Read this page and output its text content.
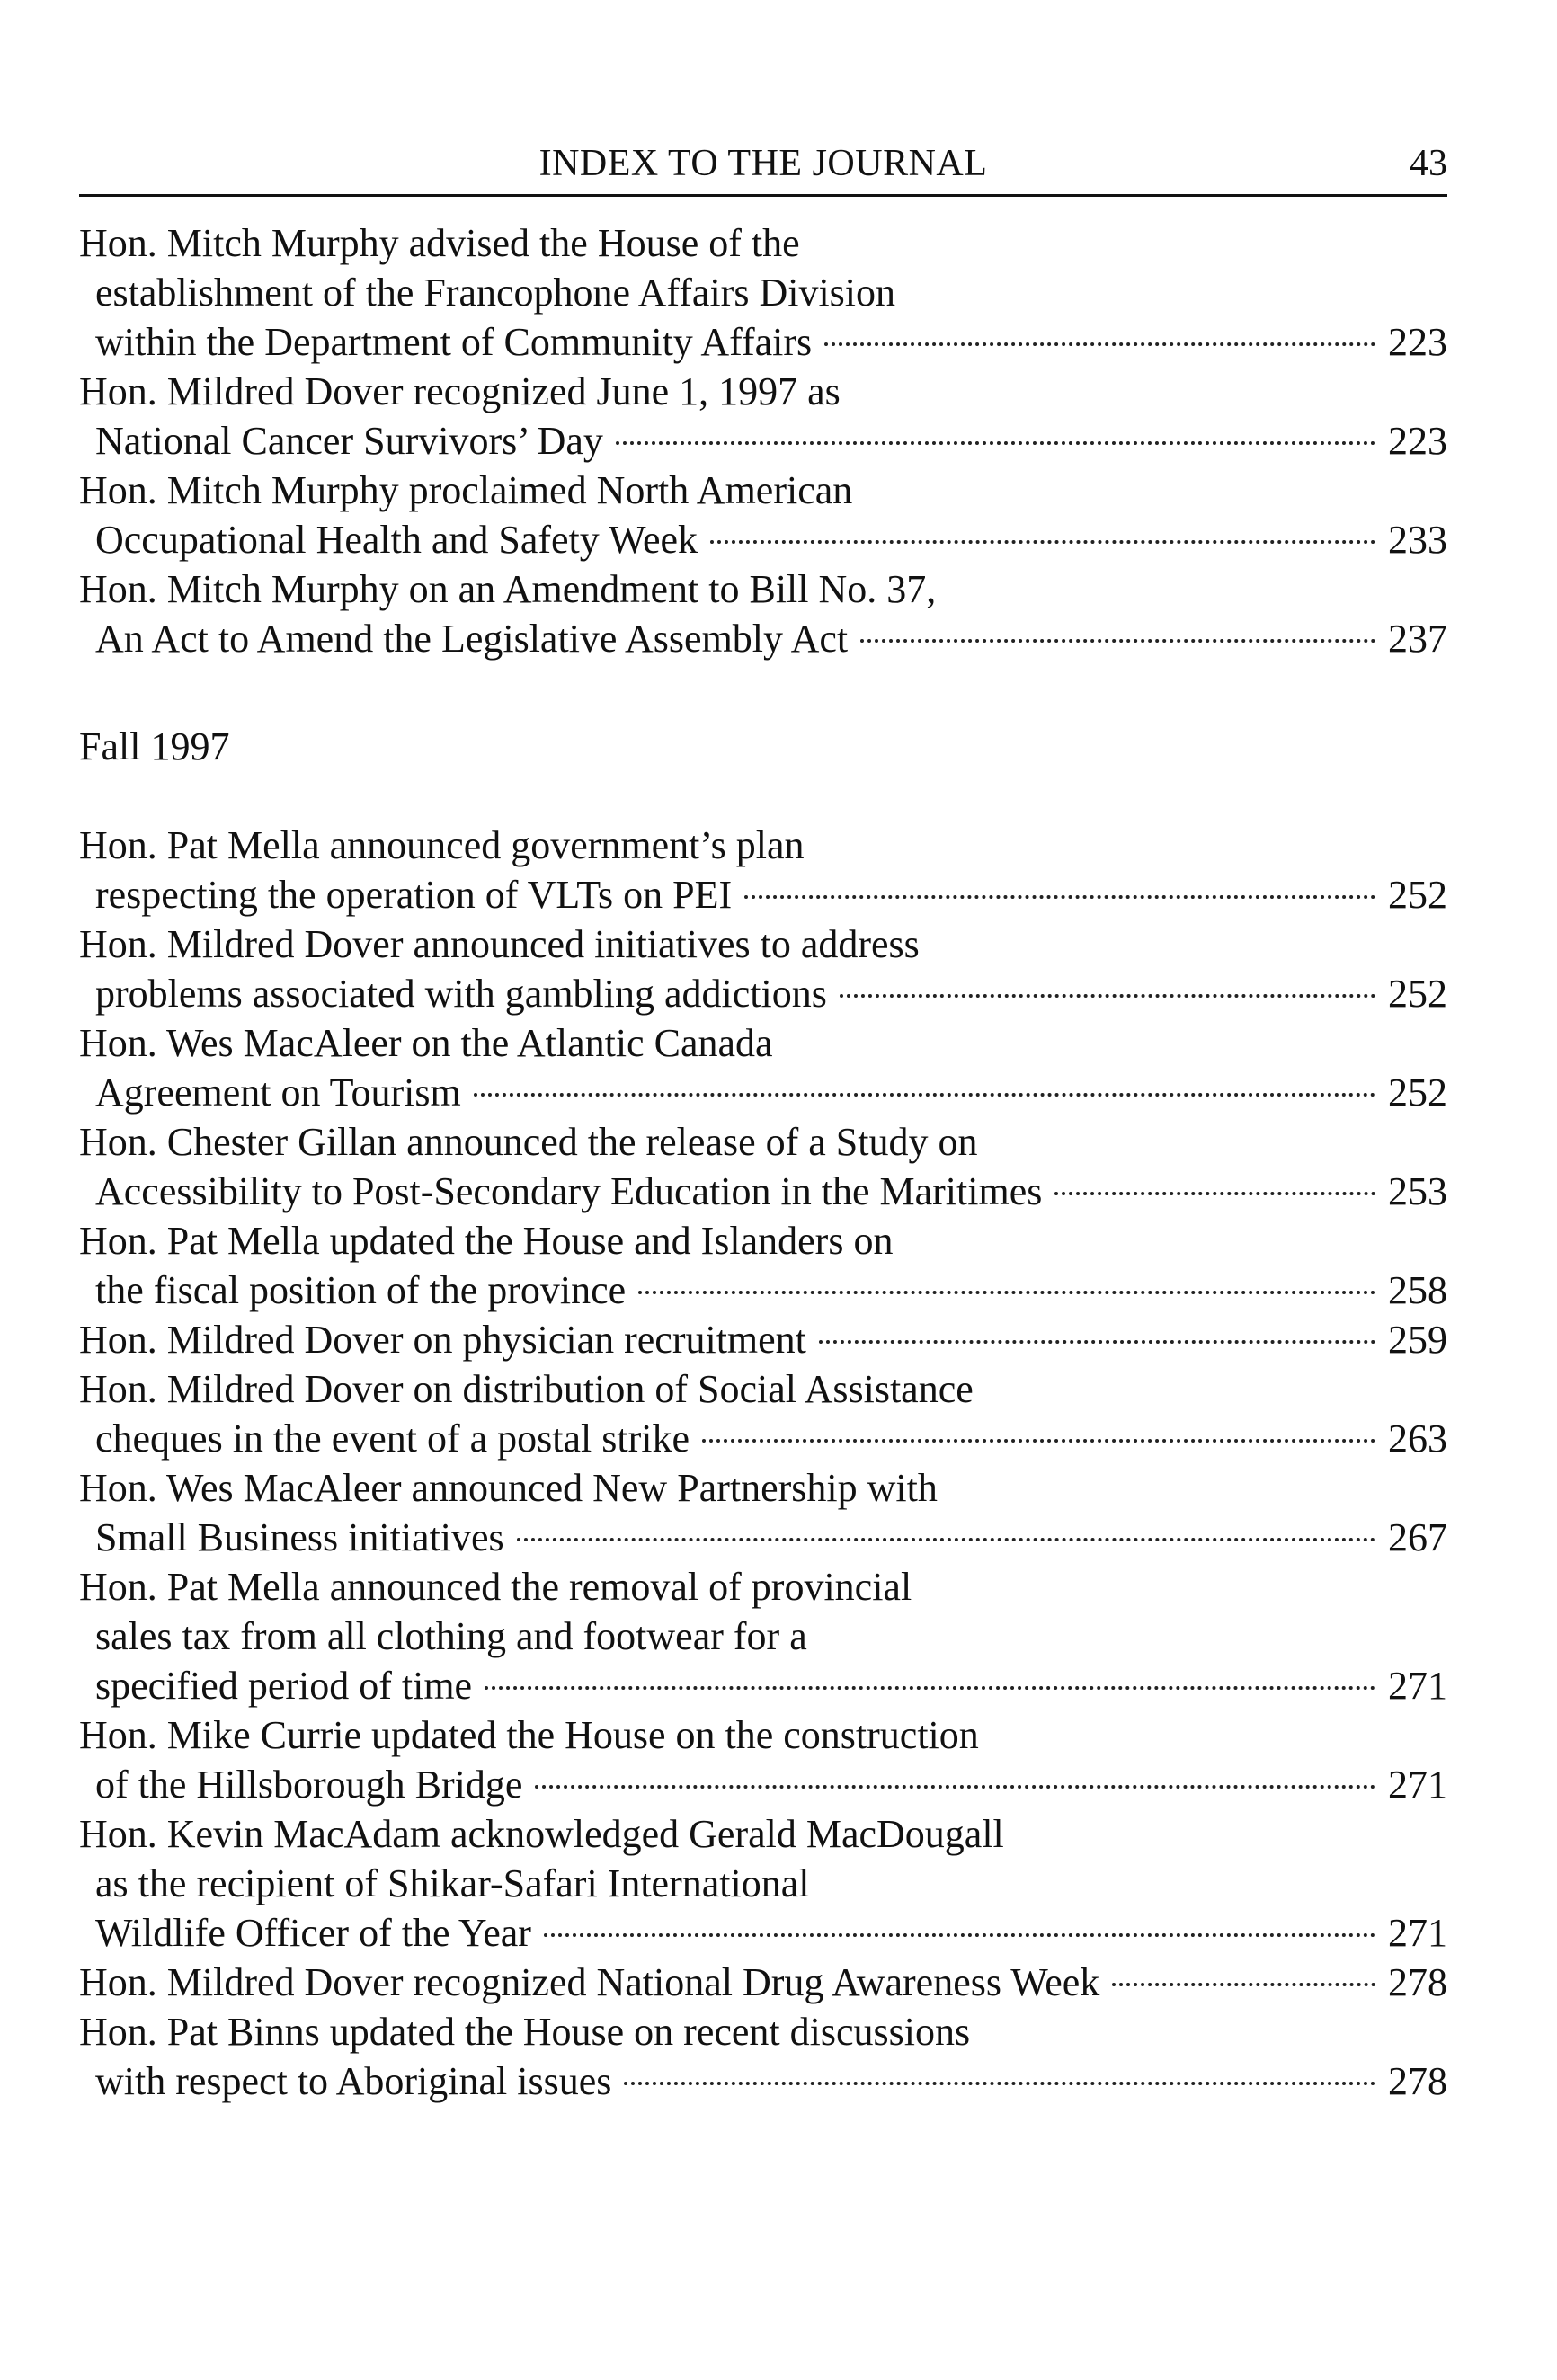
INDEX TO THE JOURNAL	43
Hon. Mitch Murphy advised the House of the
establishment of the Francophone Affairs Division
within the Department of Community Affairs	223
Hon. Mildred Dover recognized June 1, 1997 as
National Cancer Survivors’ Day	223
Hon. Mitch Murphy proclaimed North American
Occupational Health and Safety Week	233
Hon. Mitch Murphy on an Amendment to Bill No. 37,
An Act to Amend the Legislative Assembly Act	237
Fall 1997
Hon. Pat Mella announced government’s plan
respecting the operation of VLTs on PEI	252
Hon. Mildred Dover announced initiatives to address
problems associated with gambling addictions	252
Hon. Wes MacAleer on the Atlantic Canada
Agreement on Tourism	252
Hon. Chester Gillan announced the release of a Study on
Accessibility to Post-Secondary Education in the Maritimes	253
Hon. Pat Mella updated the House and Islanders on
the fiscal position of the province	258
Hon. Mildred Dover on physician recruitment	259
Hon. Mildred Dover on distribution of Social Assistance
cheques in the event of a postal strike	263
Hon. Wes MacAleer announced New Partnership with
Small Business initiatives	267
Hon. Pat Mella announced the removal of provincial
sales tax from all clothing and footwear for a
specified period of time	271
Hon. Mike Currie updated the House on the construction
of the Hillsborough Bridge	271
Hon. Kevin MacAdam acknowledged Gerald MacDougall
as the recipient of Shikar-Safari International
Wildlife Officer of the Year	271
Hon. Mildred Dover recognized National Drug Awareness Week	278
Hon. Pat Binns updated the House on recent discussions
with respect to Aboriginal issues	278
